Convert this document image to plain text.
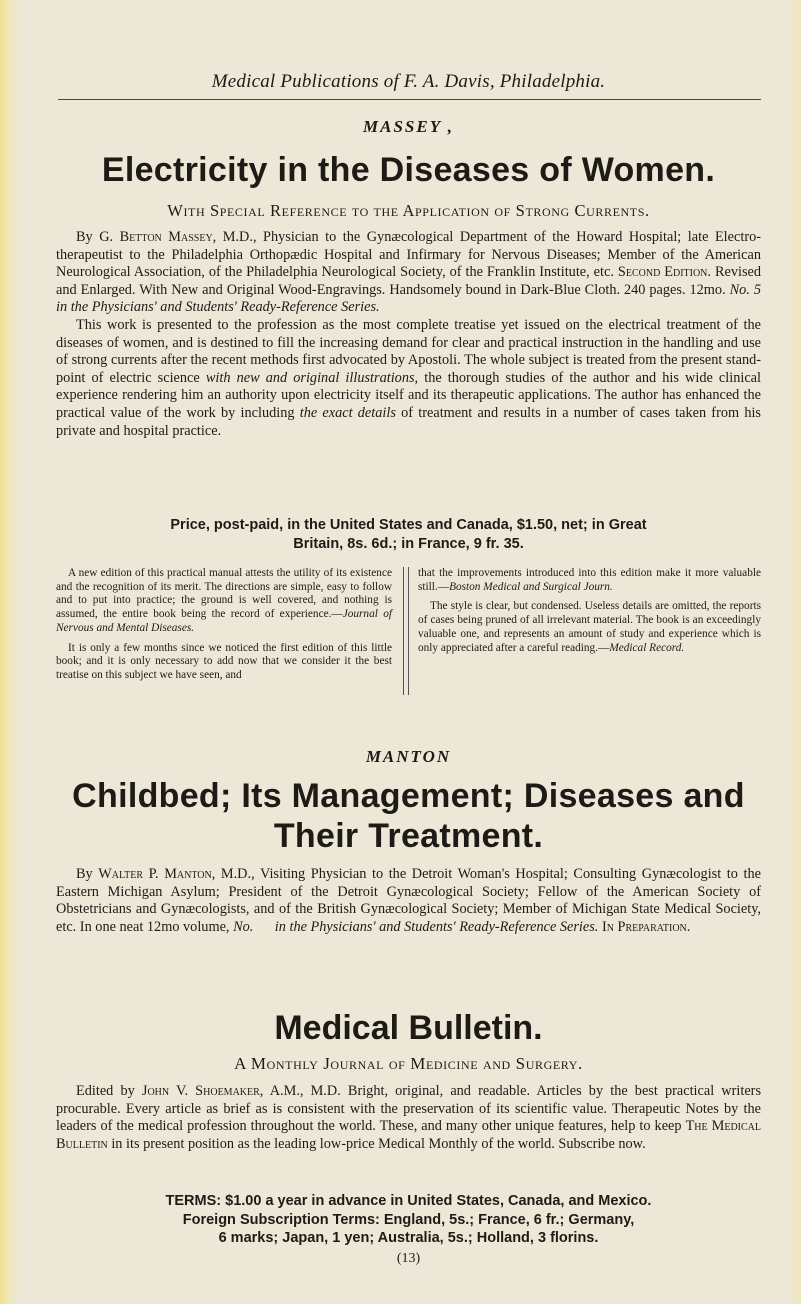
Medical Publications of F. A. Davis, Philadelphia.
MASSEY ,
Electricity in the Diseases of Women.
With Special Reference to the Application of Strong Currents.

By G. Betton Massey, M.D., Physician to the Gynæcological Department of the Howard Hospital; late Electro-therapeutist to the Philadelphia Orthopædic Hospital and Infirmary for Nervous Diseases; Member of the American Neurological Association, of the Philadelphia Neurological Society, of the Franklin Institute, etc. Second Edition. Revised and Enlarged. With New and Original Wood-Engravings. Handsomely bound in Dark-Blue Cloth. 240 pages. 12mo. No. 5 in the Physicians' and Students' Ready-Reference Series.

This work is presented to the profession as the most complete treatise yet issued on the electrical treatment of the diseases of women, and is destined to fill the increasing demand for clear and practical instruction in the handling and use of strong currents after the recent methods first advocated by Apostoli. The whole subject is treated from the present stand-point of electric science with new and original illustrations, the thorough studies of the author and his wide clinical experience rendering him an authority upon electricity itself and its therapeutic applications. The author has enhanced the practical value of the work by including the exact details of treatment and results in a number of cases taken from his private and hospital practice.

Price, post-paid, in the United States and Canada, $1.50, net; in Great
Britain, 8s. 6d.; in France, 9 fr. 35.

A new edition of this practical manual attests the utility of its existence and the recognition of its merit. The directions are simple, easy to follow and to put into practice; the ground is well covered, and nothing is assumed, the entire book being the record of experience.—Journal of Nervous and Mental Diseases.

It is only a few months since we noticed the first edition of this little book; and it is only necessary to add now that we consider it the best treatise on this subject we have seen, and

that the improvements introduced into this edition make it more valuable still.—Boston Medical and Surgical Journ.

The style is clear, but condensed. Useless details are omitted, the reports of cases being pruned of all irrelevant material. The book is an exceedingly valuable one, and represents an amount of study and experience which is only appreciated after a careful reading.—Medical Record.

MANTON
Childbed; Its Management; Diseases and
Their Treatment.

By Walter P. Manton, M.D., Visiting Physician to the Detroit Woman's Hospital; Consulting Gynæcologist to the Eastern Michigan Asylum; President of the Detroit Gynæcological Society; Fellow of the American Society of Obstetricians and Gynæcologists, and of the British Gynæcological Society; Member of Michigan State Medical Society, etc. In one neat 12mo volume, No.      in the Physicians' and Students' Ready-Reference Series. In Preparation.

Medical Bulletin.
A Monthly Journal of Medicine and Surgery.

Edited by John V. Shoemaker, A.M., M.D. Bright, original, and readable. Articles by the best practical writers procurable. Every article as brief as is consistent with the preservation of its scientific value. Therapeutic Notes by the leaders of the medical profession throughout the world. These, and many other unique features, help to keep The Medical Bulletin in its present position as the leading low-price Medical Monthly of the world. Subscribe now.

TERMS: $1.00 a year in advance in United States, Canada, and Mexico.
Foreign Subscription Terms: England, 5s.; France, 6 fr.; Germany,
6 marks; Japan, 1 yen; Australia, 5s.; Holland, 3 florins.
(13)
